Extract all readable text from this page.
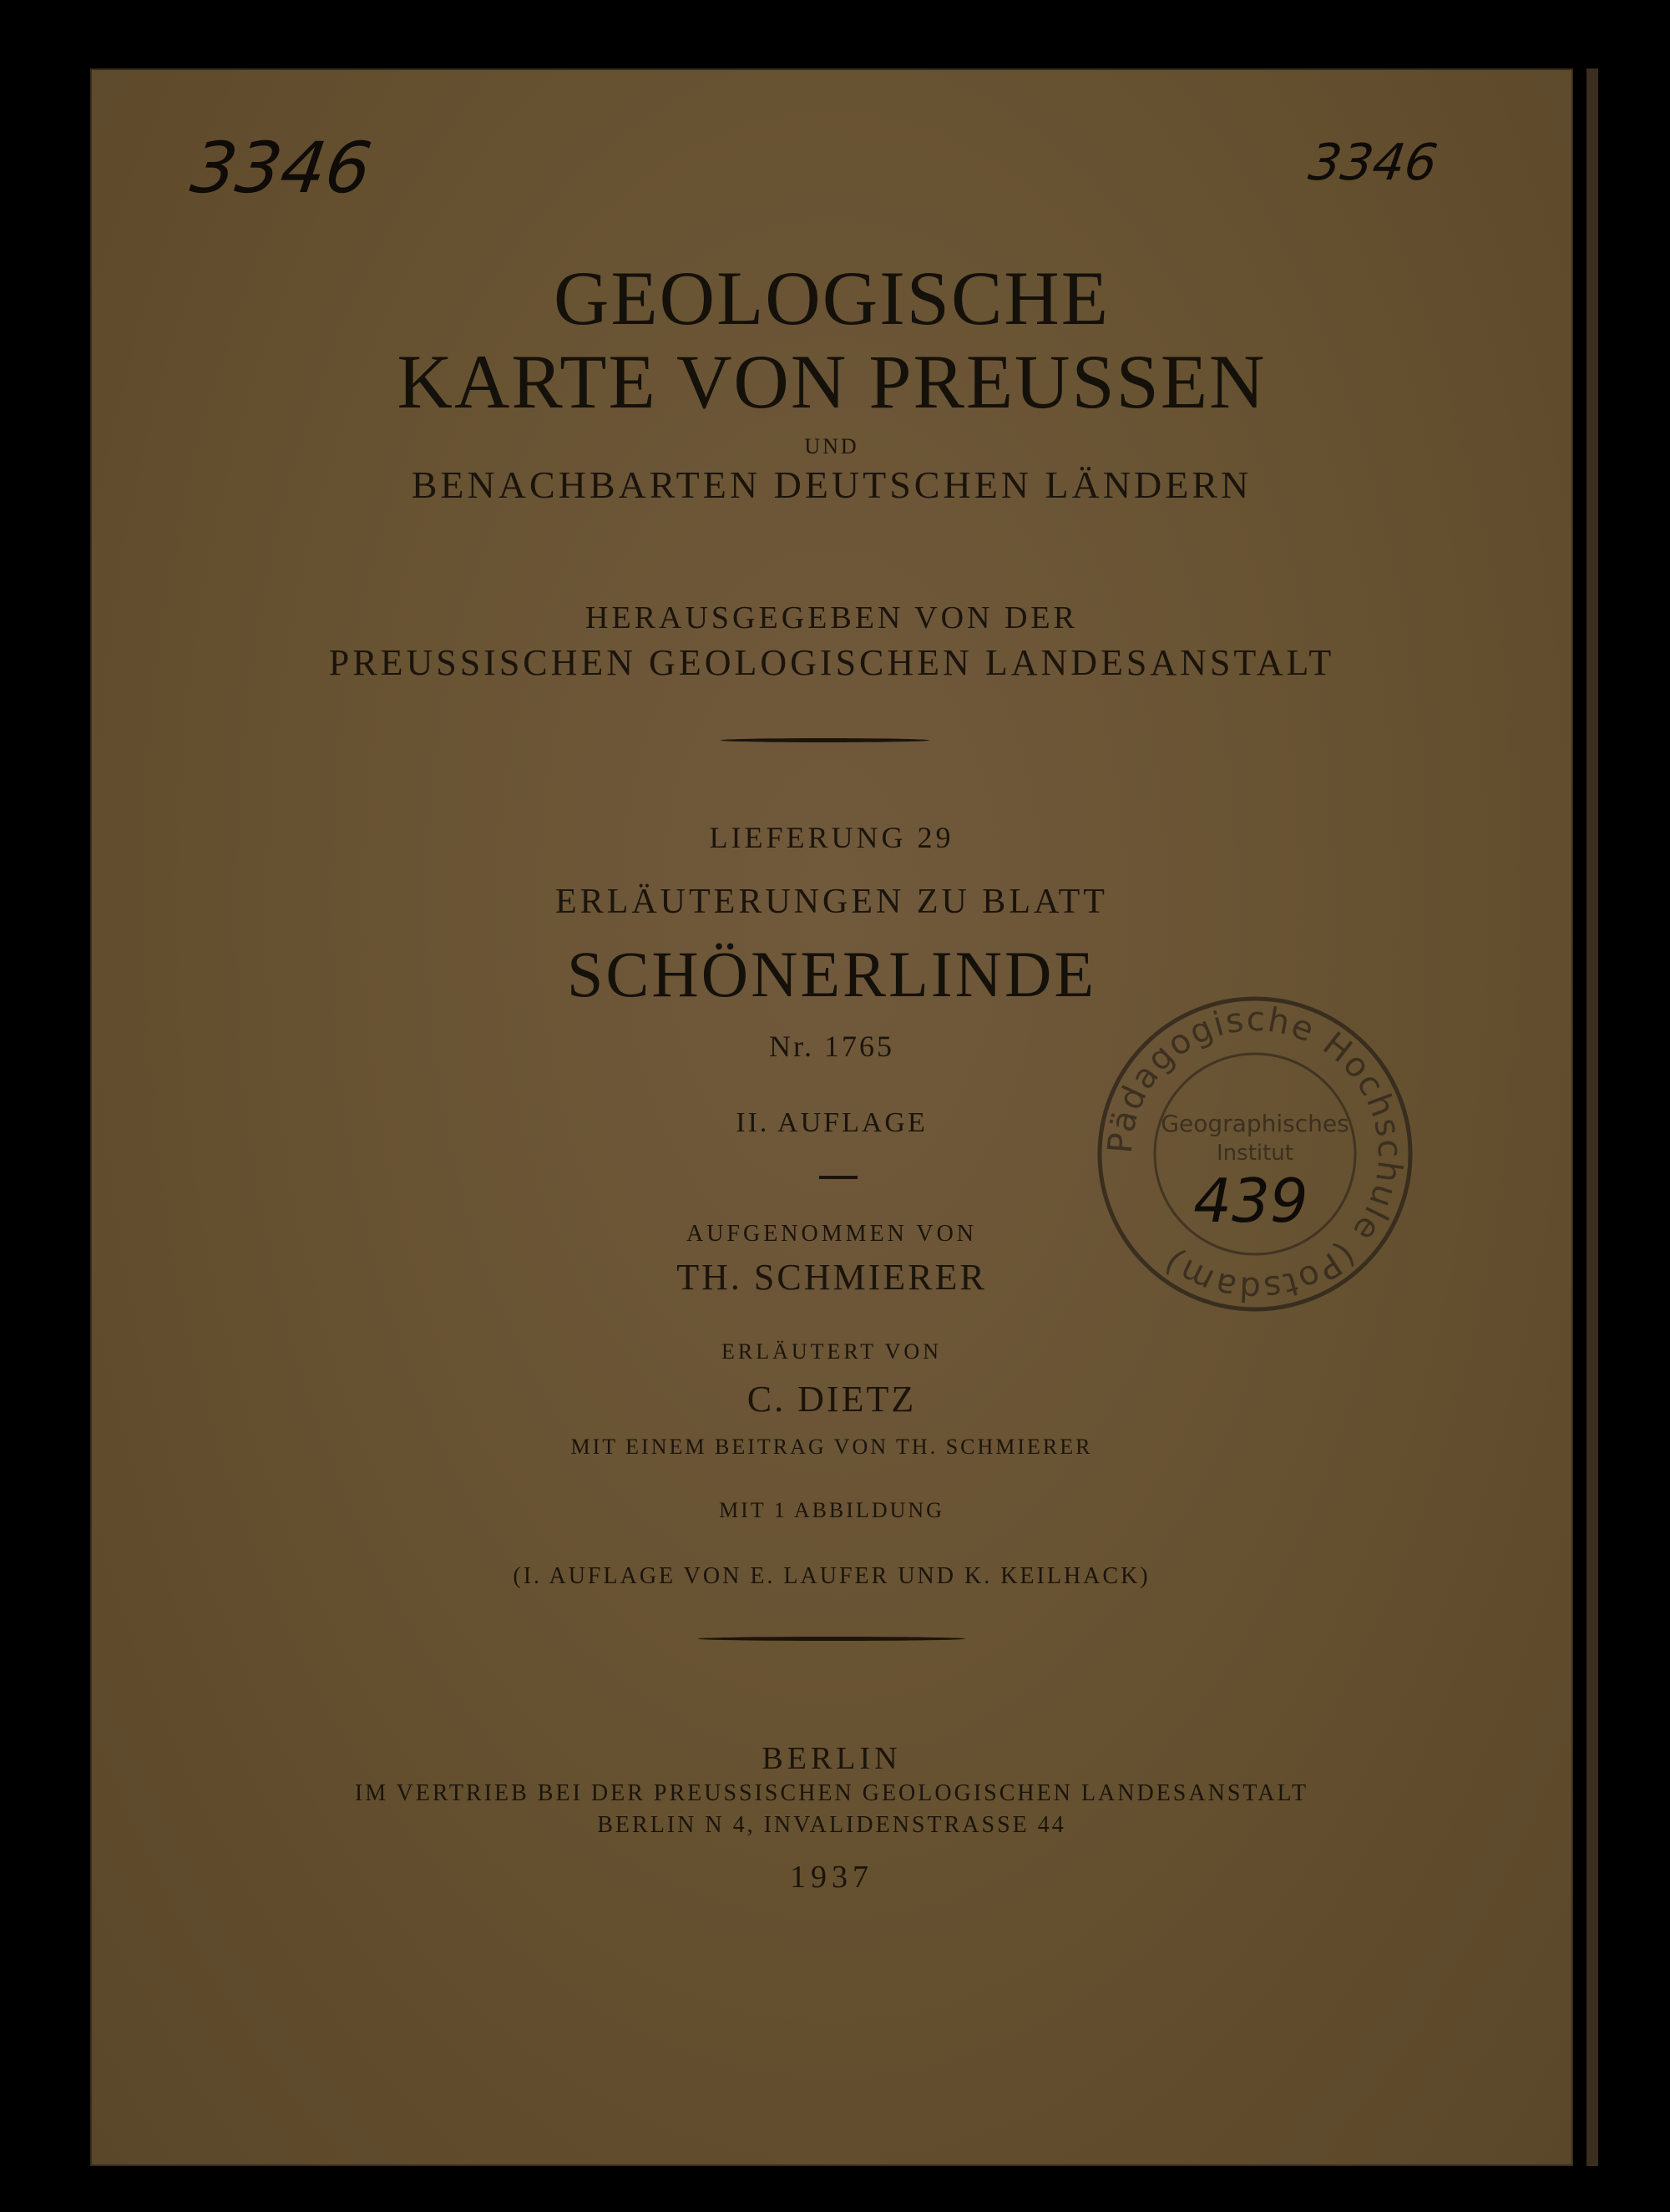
3346	3346
GEOLOGISCHE
KARTE VON PREUSSEN
UND
BENACHBARTEN DEUTSCHEN LÄNDERN
HERAUSGEGEBEN VON DER
PREUSSISCHEN GEOLOGISCHEN LANDESANSTALT
LIEFERUNG 29
ERLÄUTERUNGEN ZU BLATT
SCHÖNERLINDE
Nr. 1765
II. AUFLAGE
AUFGENOMMEN VON
TH. SCHMIERER
ERLÄUTERT VON
C. DIETZ
MIT EINEM BEITRAG VON TH. SCHMIERER
MIT 1 ABBILDUNG
(I. AUFLAGE VON E. LAUFER UND K. KEILHACK)
BERLIN
IM VERTRIEB BEI DER PREUSSISCHEN GEOLOGISCHEN LANDESANSTALT
BERLIN N 4, INVALIDENSTRASSE 44
1937
Pädagogische Hochschule (Potsdam)
Geographisches
Institut
439
